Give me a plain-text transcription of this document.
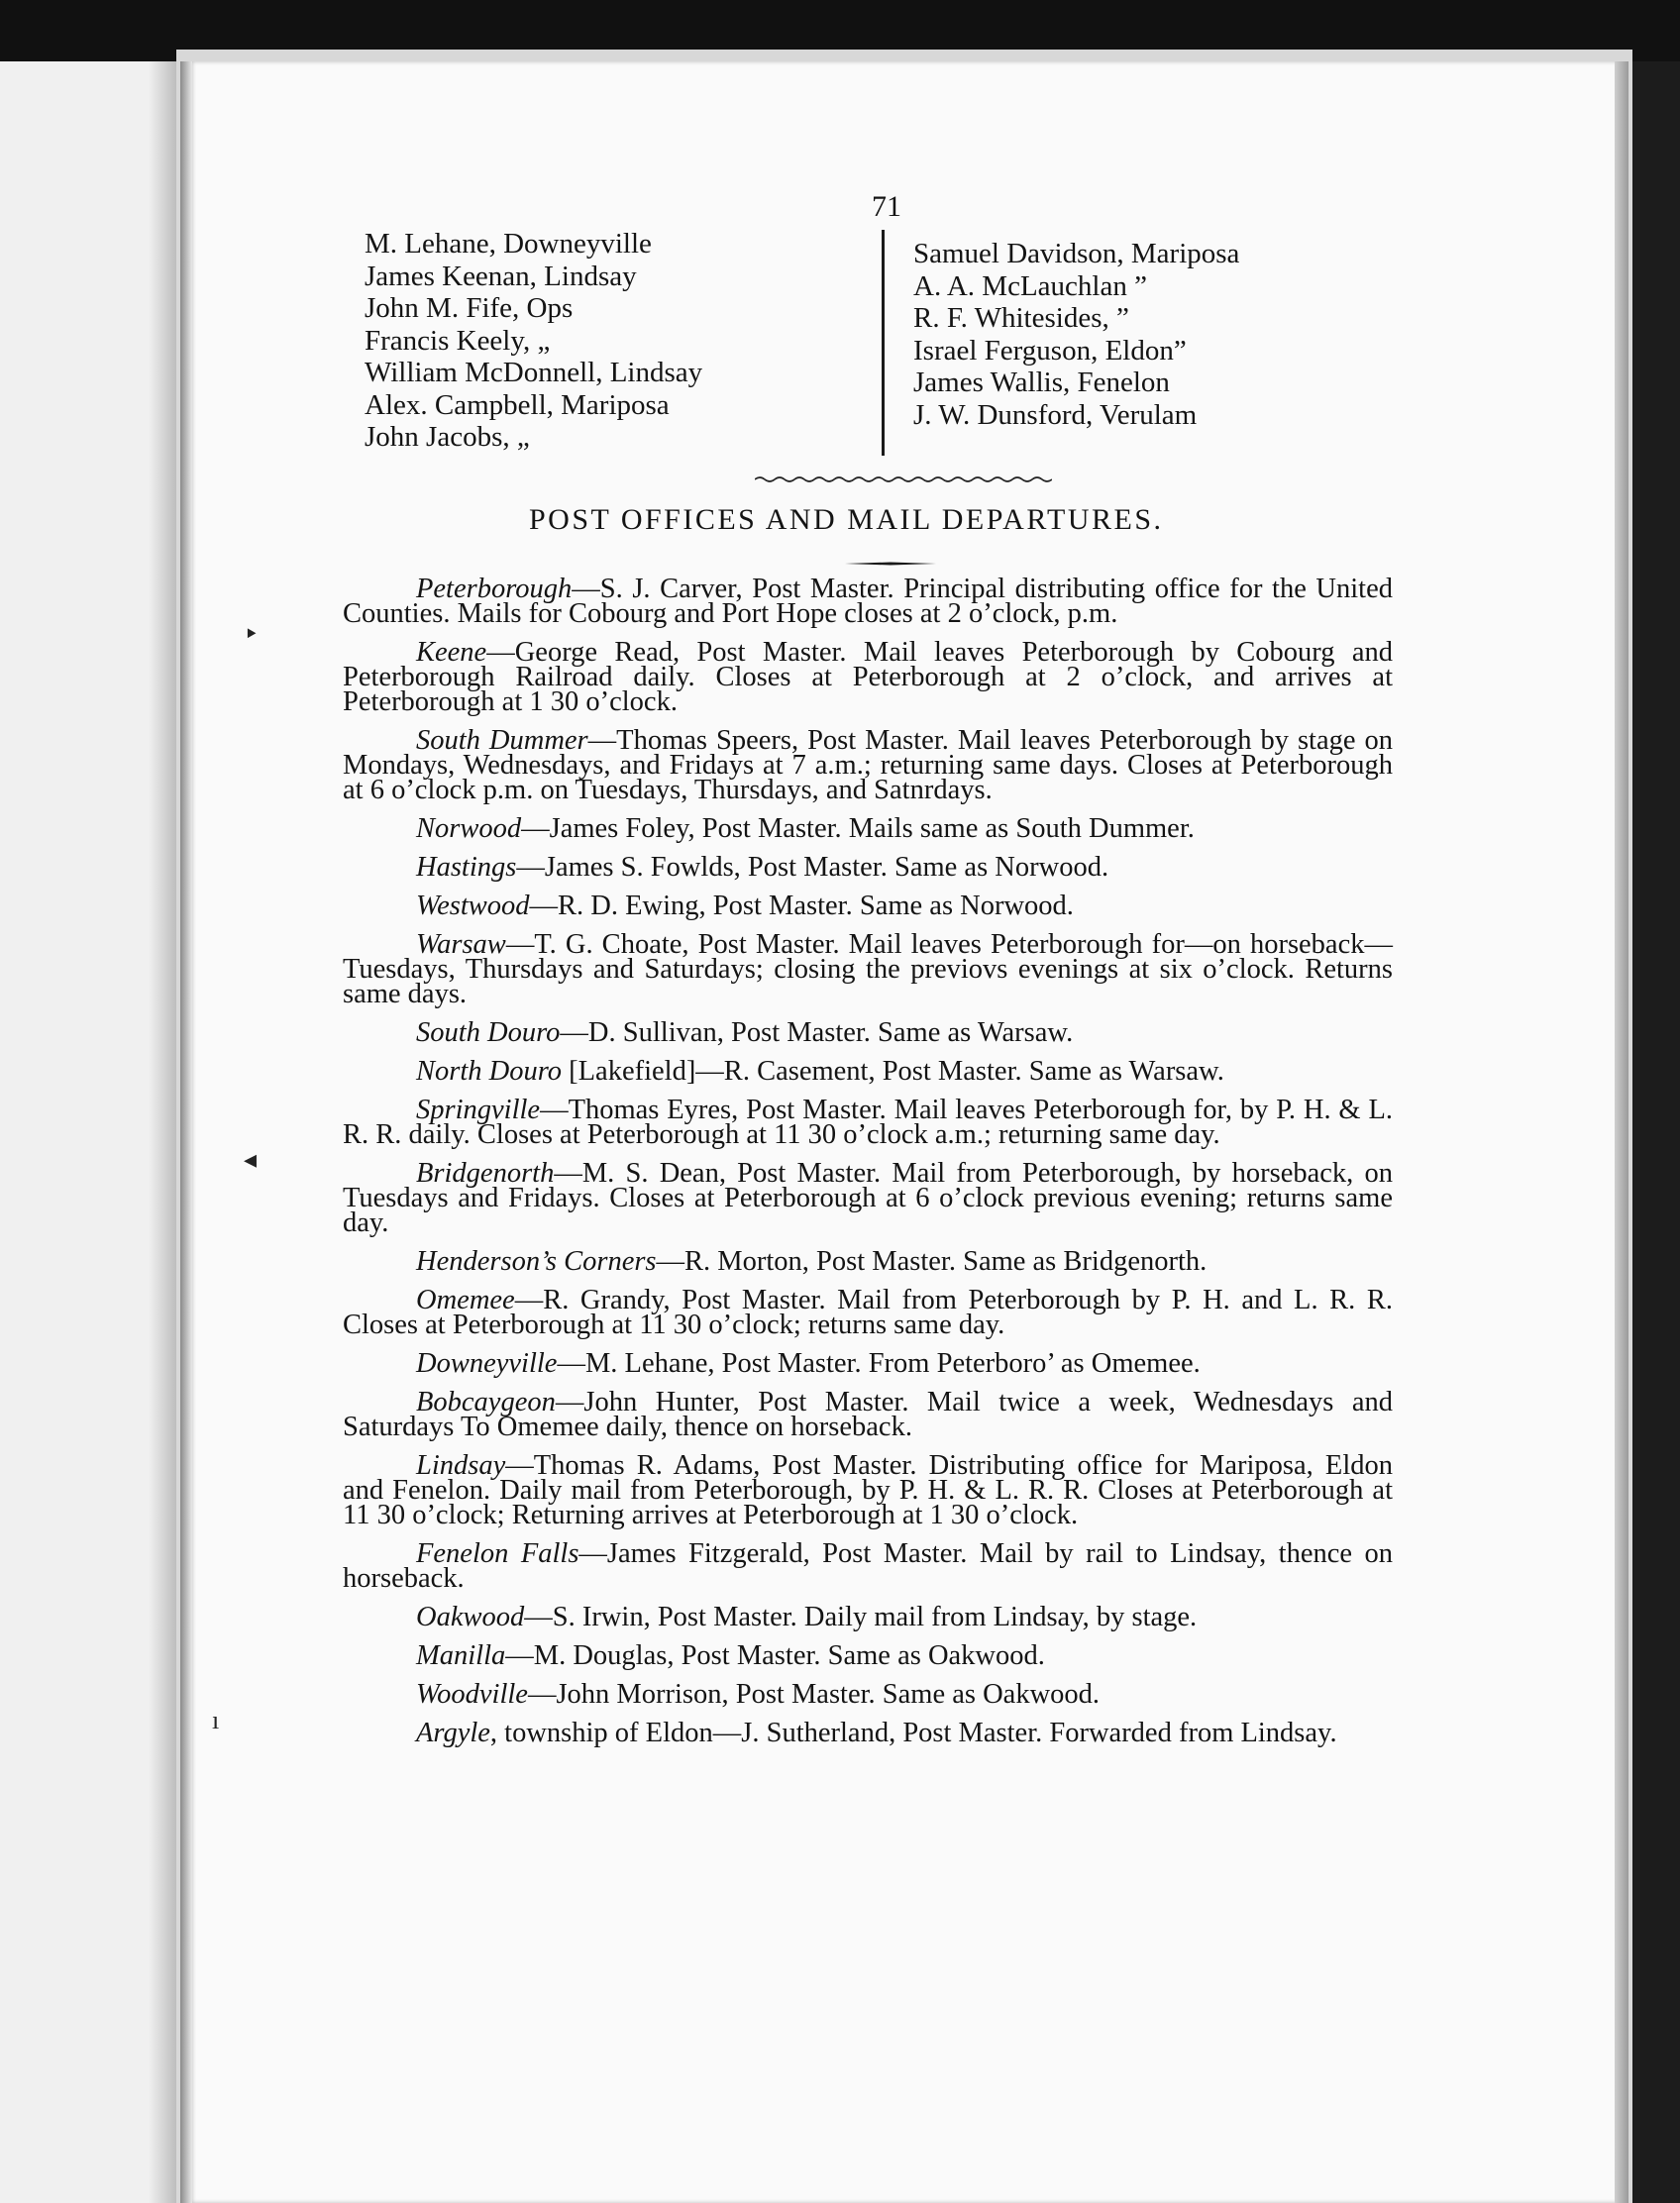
‣
◂
ı
71
M. Lehane, Downeyville
James Keenan, Lindsay
John M. Fife, Ops
Francis Keely, „
William McDonnell, Lindsay
Alex. Campbell, Mariposa
John Jacobs, „
Samuel Davidson, Mariposa
A. A. McLauchlan ”
R. F. Whitesides, ”
Israel Ferguson, Eldon”
James Wallis, Fenelon
J. W. Dunsford, Verulam
POST OFFICES AND MAIL DEPARTURES.
Peterborough—S. J. Carver, Post Master. Principal distributing office for the United Counties. Mails for Cobourg and Port Hope closes at 2 o’clock, p.m.
Keene—George Read, Post Master. Mail leaves Peterborough by Cobourg and Peterborough Railroad daily. Closes at Peterborough at 2 o’clock, and arrives at Peterborough at 1 30 o’clock.
South Dummer—Thomas Speers, Post Master. Mail leaves Peterborough by stage on Mondays, Wednesdays, and Fridays at 7 a.m.; returning same days. Closes at Peterborough at 6 o’clock p.m. on Tuesdays, Thursdays, and Satnrdays.
Norwood—James Foley, Post Master. Mails same as South Dummer.
Hastings—James S. Fowlds, Post Master. Same as Norwood.
Westwood—R. D. Ewing, Post Master. Same as Norwood.
Warsaw—T. G. Choate, Post Master. Mail leaves Peterborough for—on horseback—Tuesdays, Thursdays and Saturdays; closing the previovs evenings at six o’clock. Returns same days.
South Douro—D. Sullivan, Post Master. Same as Warsaw.
North Douro [Lakefield]—R. Casement, Post Master. Same as Warsaw.
Springville—Thomas Eyres, Post Master. Mail leaves Peterborough for, by P. H. & L. R. R. daily. Closes at Peterborough at 11 30 o’clock a.m.; returning same day.
Bridgenorth—M. S. Dean, Post Master. Mail from Peterborough, by horseback, on Tuesdays and Fridays. Closes at Peterborough at 6 o’clock previous evening; returns same day.
Henderson’s Corners—R. Morton, Post Master. Same as Bridgenorth.
Omemee—R. Grandy, Post Master. Mail from Peterborough by P. H. and L. R. R. Closes at Peterborough at 11 30 o’clock; returns same day.
Downeyville—M. Lehane, Post Master. From Peterboro’ as Omemee.
Bobcaygeon—John Hunter, Post Master. Mail twice a week, Wednesdays and Saturdays To Omemee daily, thence on horseback.
Lindsay—Thomas R. Adams, Post Master. Distributing office for Mariposa, Eldon and Fenelon. Daily mail from Peterborough, by P. H. & L. R. R. Closes at Peterborough at 11 30 o’clock; Returning arrives at Peterborough at 1 30 o’clock.
Fenelon Falls—James Fitzgerald, Post Master. Mail by rail to Lindsay, thence on horseback.
Oakwood—S. Irwin, Post Master. Daily mail from Lindsay, by stage.
Manilla—M. Douglas, Post Master. Same as Oakwood.
Woodville—John Morrison, Post Master. Same as Oakwood.
Argyle, township of Eldon—J. Sutherland, Post Master. Forwarded from Lindsay.
